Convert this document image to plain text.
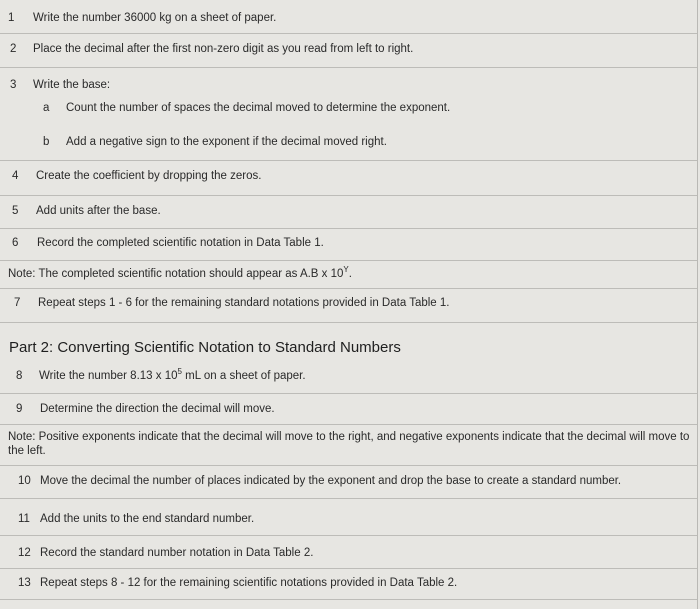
1 Write the number 36000 kg on a sheet of paper.
2 Place the decimal after the first non-zero digit as you read from left to right.
3 Write the base:
a Count the number of spaces the decimal moved to determine the exponent.
b Add a negative sign to the exponent if the decimal moved right.
4 Create the coefficient by dropping the zeros.
5 Add units after the base.
6 Record the completed scientific notation in Data Table 1.
Note: The completed scientific notation should appear as A.B x $10^Y$.
7 Repeat steps 1 - 6 for the remaining standard notations provided in Data Table 1.
Part 2: Converting Scientific Notation to Standard Numbers
8 Write the number 8.13 x $10^5$ mL on a sheet of paper.
9 Determine the direction the decimal will move.
Note: Positive exponents indicate that the decimal will move to the right, and negative exponents indicate that the decimal will move to the left.
10 Move the decimal the number of places indicated by the exponent and drop the base to create a standard number.
11 Add the units to the end standard number.
12 Record the standard number notation in Data Table 2.
13 Repeat steps 8 - 12 for the remaining scientific notations provided in Data Table 2.
